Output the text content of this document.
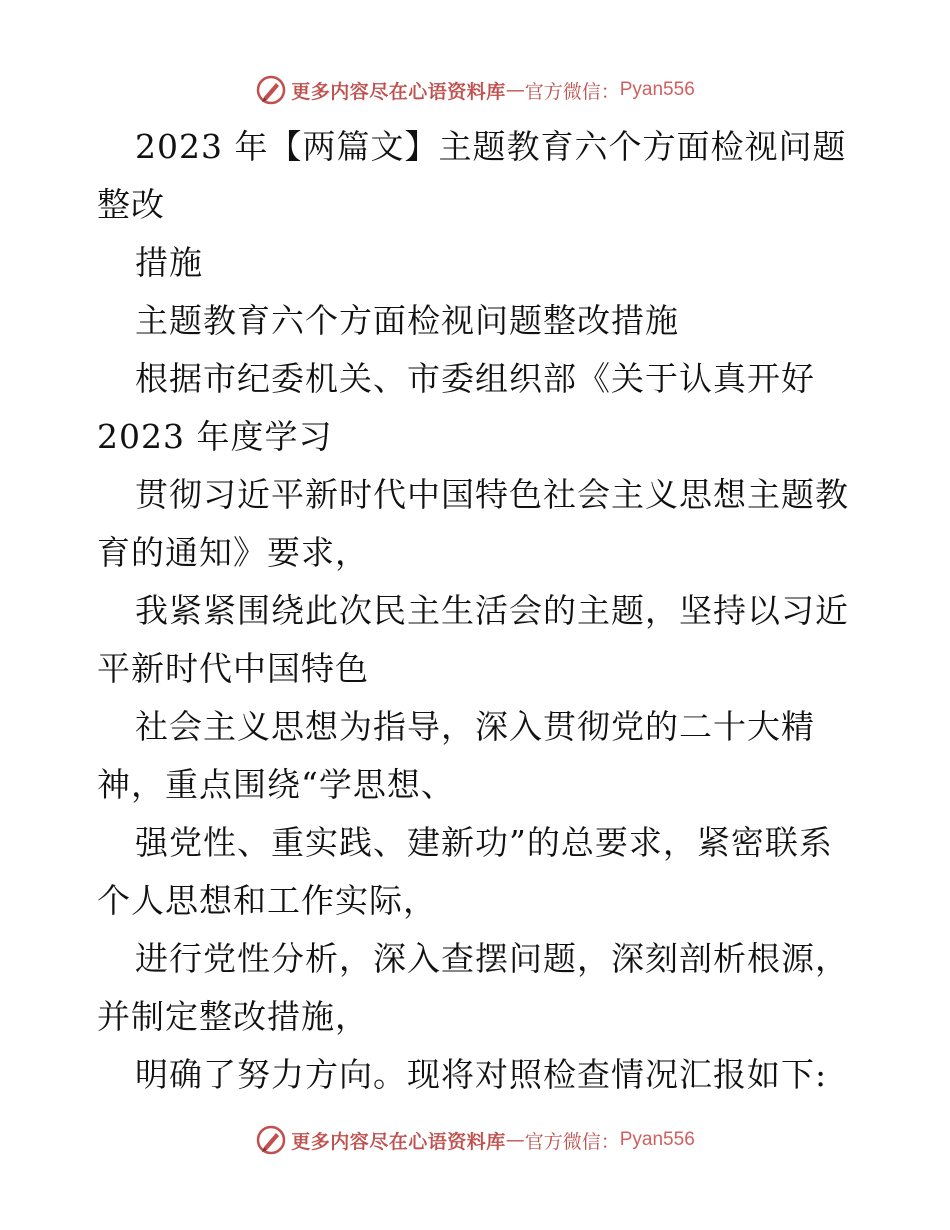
更多内容尽在心语资料库 — 官方微信： Pyan556

2023 年【两篇文】主题教育六个方面检视问题

整改

措施

主题教育六个方面检视问题整改措施

根据市纪委机关、市委组织部《关于认真开好

2023 年度学习

贯彻习近平新时代中国特色社会主义思想主题教

育的通知》要求，

我紧紧围绕此次民主生活会的主题，坚持以习近

平新时代中国特色

社会主义思想为指导，深入贯彻党的二十大精

神，重点围绕“学思想、

强党性、重实践、建新功”的总要求，紧密联系

个人思想和工作实际，

进行党性分析，深入查摆问题，深刻剖析根源，

并制定整改措施，

明确了努力方向。现将对照检查情况汇报如下:

更多内容尽在心语资料库 — 官方微信： Pyan556
